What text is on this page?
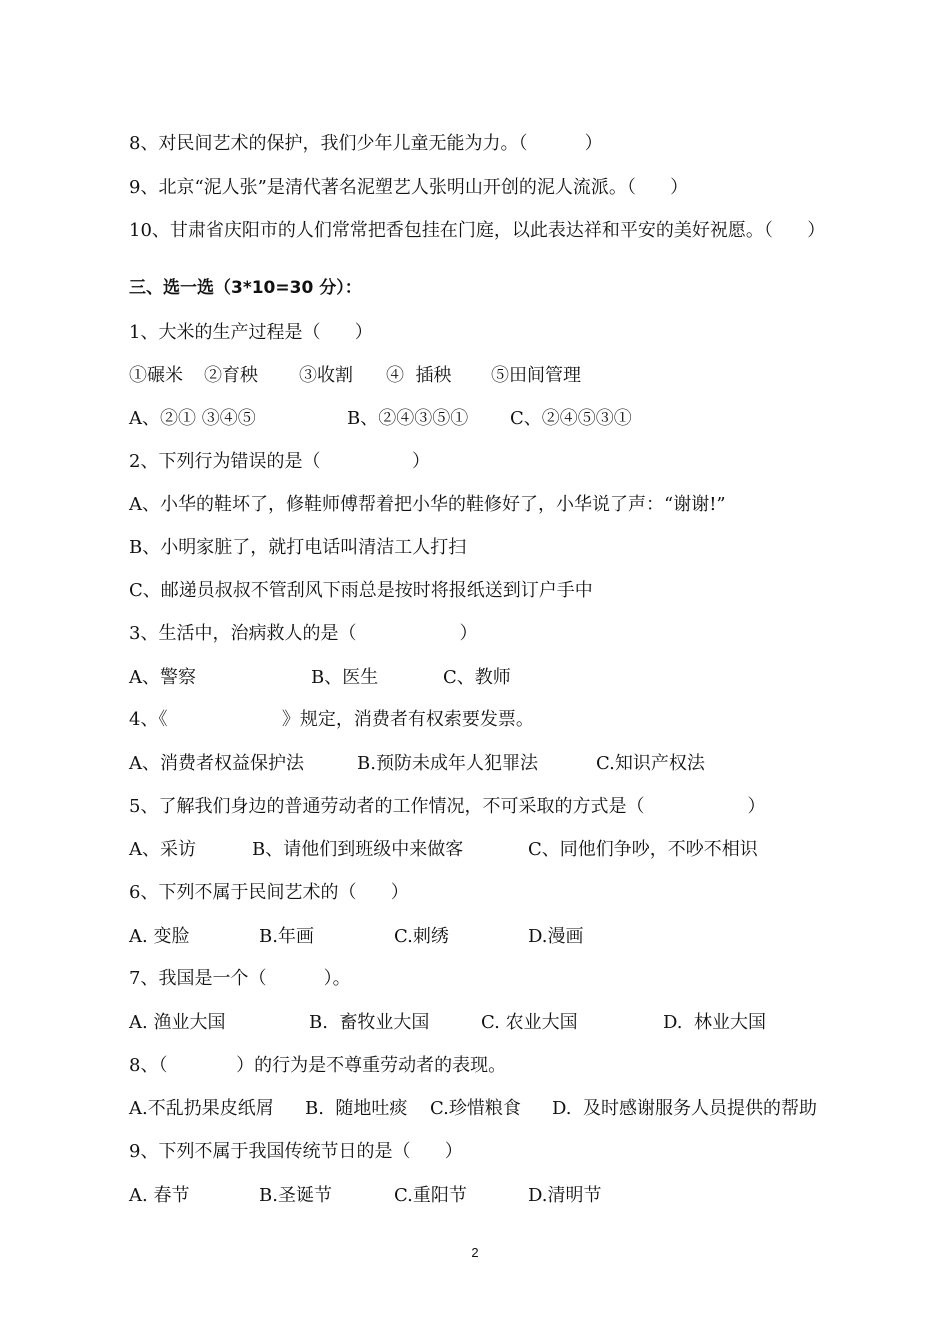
8、对民间艺术的保护，我们少年儿童无能为力。（          ）
9、北京“泥人张”是清代著名泥塑艺人张明山开创的泥人流派。（      ）
10、甘肃省庆阳市的人们常常把香包挂在门庭，以此表达祥和平安的美好祝愿。（      ）
三、选一选（3*10=30 分）：
1、大米的生产过程是（      ）
①碾米 ②育秧 ③收割 ④  插秧 ⑤田间管理
A、②① ③④⑤	B、②④③⑤① C、②④⑤③①
2、下列行为错误的是（                ）
A、小华的鞋坏了，修鞋师傅帮着把小华的鞋修好了，小华说了声：“谢谢!”
B、小明家脏了，就打电话叫清洁工人打扫
C、邮递员叔叔不管刮风下雨总是按时将报纸送到订户手中
3、生活中，治病救人的是（                  ）
A、警察	B、医生	C、教师
4、《                    》规定，消费者有权索要发票。
A、消费者权益保护法	B.预防未成年人犯罪法	C.知识产权法
5、了解我们身边的普通劳动者的工作情况，不可采取的方式是（                  ）
A、采访	B、请他们到班级中来做客	C、同他们争吵，不吵不相识
6、下列不属于民间艺术的（      ）
A. 变脸	B.年画	C.刺绣	D.漫画
7、我国是一个（          ）。
A. 渔业大国	B.  畜牧业大国	C. 农业大国	D.  林业大国
8、（            ）的行为是不尊重劳动者的表现。
A.不乱扔果皮纸屑 B.  随地吐痰 C.珍惜粮食 D.  及时感谢服务人员提供的帮助
9、下列不属于我国传统节日的是（      ）
A. 春节	B.圣诞节	C.重阳节	D.清明节
2
